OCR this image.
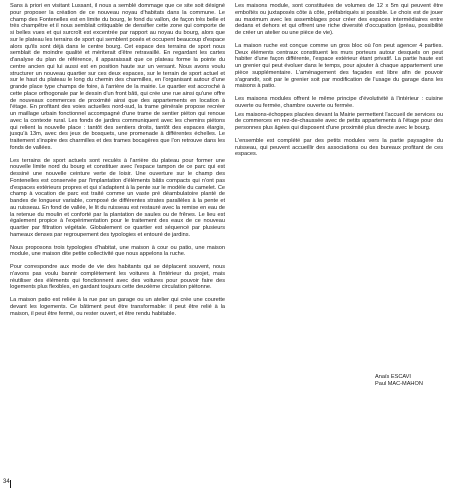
Sans à priori en visitant Lussant, il nous a semblé dommage que ce site soit désigné pour proposer la création de ce nouveau noyau d'habitats dans la commune. Le champ des Fontenelles est en limite du bourg, le fond du vallon, de façon très belle et très champêtre et il nous semblait critiquable de densifier cette zone qui comporte de si belles vues et qui surcroît est excentrée par rapport au noyau du bourg, alors que sur le plateau les terrains de sport qui semblent posés et occupent beaucoup d'espace alors qu'ils sont déjà dans le centre bourg. Cet espace des terrains de sport nous semblait de moindre qualité et mériterait d'être retravaillé. En regardant les cartes d'analyse du plan de référence, il apparaissait que ce plateau forme la pointe du centre ancien qui lui aussi est en position haute sur un versant. Nous avons voulu structurer un nouveau quartier sur ces deux espaces, sur le terrain de sport actuel et sur le haut du plateau le long du chemin des charmilles, en l'organisant autour d'une grande place type champs de foire, à l'arrière de la mairie. Le quartier est accroché à cette place orthogonale par le dessin d'un front bâti, qui crée une rue ainsi qu'une offre de nouveaux commerces de proximité ainsi que des appartements en location à l'étage. En profitant des voies actuelles nord-sud, la trame générale propose recréer un maillage urbain fonctionnel accompagné d'une trame de sentier piéton qui renoue avec la contexte rural. Les fonds de jardins communiquent avec les chemins piétons qui relient la nouvelle place : tantôt des sentiers droits, tantôt des espaces élargis, jusqu'à 13m, avec des jeux de bosquets, une promenade à différentes échelles. Le traitement s'inspire des charmilles et des trames bocagères que l'on retrouve dans les fonds de vallées.

Les terrains de sport actuels sont reculés à l'arrière du plateau pour former une nouvelle limite nord du bourg et constituer avec l'espace tampon de ce parc qui est dessiné une nouvelle ceinture verte de loisir. Une ouverture sur le champ des Fontenelles est conservée par l'implantation d'éléments bâtis compacts qui n'ont pas d'espaces extérieurs propres et qui s'adaptent à la pente sur le modèle du camelet. Ce champ à vocation de parc est traité comme un vaste pré déambulatoire planté de bandes de longueur variable, composé de différentes strates parallèles à la pente et au ruisseau. En fond de vallée, le lit du ruisseau est restauré avec la remise en eau de la retenue du moulin et conforté par la plantation de saules ou de frênes. Le lieu est également propice à l'expérimentation pour le traitement des eaux de ce nouveau quartier par filtration végétale. Globalement ce quartier est séquencé par plusieurs hameaux denses par regroupement des typologies et entouré de jardins.

Nous proposons trois typologies d'habitat, une maison à cour ou patio, une maison module, une maison dite petite collectivité que nous appelons la ruche.

Pour correspondre aux mode de vie des habitants qui se déplacent souvent, nous n'avons pas voulu bannir complètement les voitures à l'intérieur du projet, mais réutiliser des éléments qui fonctionnent avec des voitures pour pouvoir faire des logements plus flexibles, en gardant toujours cette deuxième circulation piétonne.

La maison patio est reliée à la rue par un garage ou un atelier qui crée une courette devant les logements. Ce bâtiment peut être transformable: il peut être relié à la maison, il peut être fermé, ou rester ouvert, et être rendu habitable.

Les maisons module, sont constituées de volumes de 12 x 5m qui peuvent être emboîtés ou juxtaposés côte à côte, préfabriqués si possible. Le choix est de jouer au maximum avec les assemblages pour créer des espaces intermédiaires entre dedans et dehors et qui offrent une riche diversité d'occupation (préau, possibilité de créer un atelier ou une pièce de vie).

La maison ruche est conçue comme un gros bloc où l'on peut agencer 4 parties. Deux éléments centraux constituent les murs porteurs autour desquels on peut habiter d'une façon différente, l'espace extérieur étant privatif. La partie haute est un grenier qui peut évoluer dans le temps, pour ajouter à chaque appartement une pièce supplémentaire. L'aménagement des façades est libre afin de pouvoir s'agrandir, soit par le grenier soit par modification de l'usage du garage dans les maisons à patio.

Les maisons modules offrent le même principe d'évolutivité à l'intérieur : cuisine ouverte ou fermée, chambre ouverte ou fermée.

Les maisons-échoppes placées devant la Mairie permettent l'accueil de services ou de commerces en rez-de-chaussée avec de petits appartements à l'étage pour des personnes plus âgées qui disposent d'une proximité plus directe avec le bourg.

L'ensemble est complété par des petits modules vers la partie paysagère du ruisseau, qui peuvent accueillir des associations ou des bureaux profitant de ces espaces.

Anaïs ESCAVI
Paul MAC-MAHON
34
